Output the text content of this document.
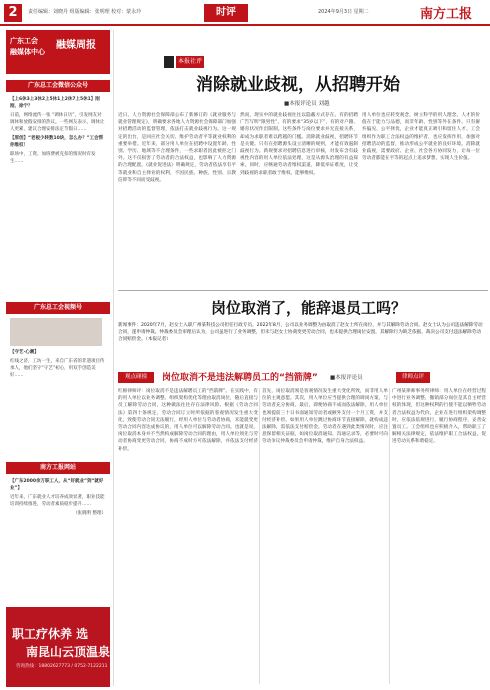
2	责任编辑：刘晓丹 组版编辑：张明理 校对：蒙永玲	时评	2024年9月3日 星期二	南方工报
广东工会
融媒体中心
融媒周报
广东总工会微信公众号

【上6休3上3休2上5休1上2休7上5休1】刚刚，徐宁？

日前，网络流传一张 “调休日历”，引发网友对调休和放假安排的热议。一些网友表示，调休让人更累，建议合理安排法定节假日……

【原创】“老板少转数10块，怎么办？”工会帮你维权！

职场中，工资、加班费被克扣的情况时有发生……

广东总工会视频号

【守艺·心潮】

红线之济，工坊一生，来自广东省的非遗项目传承人，他们坚守“守艺”初心，用双手创造美好……

南方工报网站

【广东2000余万职工人，从“好就业”到“就好业”】

近年来，广东就业人才培养成效显著，职业技能培训持续推进，劳动者素质稳步提升……

（张晓明 整理）

职工疗休养 选
南昆山云顶温泉
咨询热线：18802627773 / 0752-7122211
本报社评
消除就业歧视，从招聘开始
■本报评论员 刘越
近日，人力资源社会保障部公布了新修订的《就业服务与就业管理规定》，明确要求各地人力资源社会保障部门加强对招聘活动的监督管理，依法打击就业歧视行为。这一规定的出台，是回应社会关切、维护劳动者平等就业权利的重要举措。近年来，部分用人单位在招聘中设置年龄、性别、学历、地域等不合理条件，一些求职者因此被拒之门外。这不仅损害了劳动者的合法权益，也影响了人力资源的合理配置。《就业促进法》明确规定，劳动者依法享有平等就业和自主择业的权利，不因民族、种族、性别、宗教信仰等不同而受歧视。
然而，现实中的就业歧视往往以隐蔽方式存在。有的招聘广告写明“限男性”，有的要求“35岁以下”，有的对户籍、婚育状况作出限制。这些条件与岗位要求并无直接关系，却成为求职者难以跨越的门槛。消除就业歧视，招聘环节是关键。只有在招聘源头设立清晰的规则，才能有效遏制歧视行为。新规要求对招聘信息进行审核，对发布含有歧视性内容的用人单位依法处理，这是从源头治理的有益探索。同时，应畅通劳动者维权渠道，降低举证难度，让受到歧视的求职者敢于维权、能够维权。
用人单位也应转变观念，树立科学的用人理念。人才的价值在于能力与品德，而非年龄、性别等外在条件。只有摒弃偏见、公平择优，企业才能真正吸引和留住人才。工会组织作为职工合法权益的维护者，也应发挥作用，加强对招聘活动的监督，推动形成公平就业的良好环境。消除就业歧视，需要政府、企业、社会各方协同发力，让每一位劳动者都能在平等的起点上追求梦想，实现人生价值。
岗位取消了，能辞退员工吗？
新闻事件：2020年7月，赵女士入职广州某科技公司担任行政专员。2022年8月，公司以业务调整为由取消了赵女士所在岗位，并与其解除劳动合同。赵女士认为公司违法解除劳动合同，遂申请仲裁。仲裁委员会审理后认为，公司虽进行了业务调整，但未与赵女士协商变更劳动合同，也未提供合理岗位安置，其解除行为缺乏依据，裁决公司支付违法解除劳动合同赔偿金。（本报记者）
观点碰撞	岗位取消不是违法解聘员工的“挡箭牌” ■本报评论员	律师点评
红棉律师评：岗位取消不是违法解聘员工的“挡箭牌”。在实践中，有的用人单位以业务调整、组织架构优化等理由取消岗位，随后直接与员工解除劳动合同，这种做法往往存在法律风险。根据《劳动合同法》第四十条规定，劳动合同订立时所依据的客观情况发生重大变化，致使劳动合同无法履行，经用人单位与劳动者协商，未能就变更劳动合同内容达成协议的，用人单位可以解除劳动合同。也就是说，岗位取消本身并不当然构成解除劳动合同的理由，用人单位须先与劳动者协商变更劳动合同，协商不成时方可依法解除，并依法支付经济补偿。
首先，岗位取消须是客观情况发生重大变化所致，而非用人单位的主观意愿。其次，用人单位应当提供合理的调岗方案，与劳动者充分协商。最后，即便协商不成而依法解除，用人单位也须提前三十日书面通知劳动者或额外支付一个月工资，并支付经济补偿。如果用人单位跳过协商环节直接解除，就构成违法解除，需依法支付赔偿金。劳动者在遇到此类情况时，应注意保留相关证据，如岗位取消通知、沟通记录等，必要时可向劳动争议仲裁委员会申请仲裁，维护自身合法权益。
广州某律师事务所律师：用人单位在经营过程中进行业务调整、撤销部分岗位是其自主经营权的体现，但这种权利的行使不能以牺牲劳动者合法权益为代价。企业在进行组织架构调整时，应依法依规进行，履行协商程序，妥善安置员工。工会组织也应积极介入，帮助职工了解相关法律规定，依法维护职工合法权益，促进劳动关系和谐稳定。
